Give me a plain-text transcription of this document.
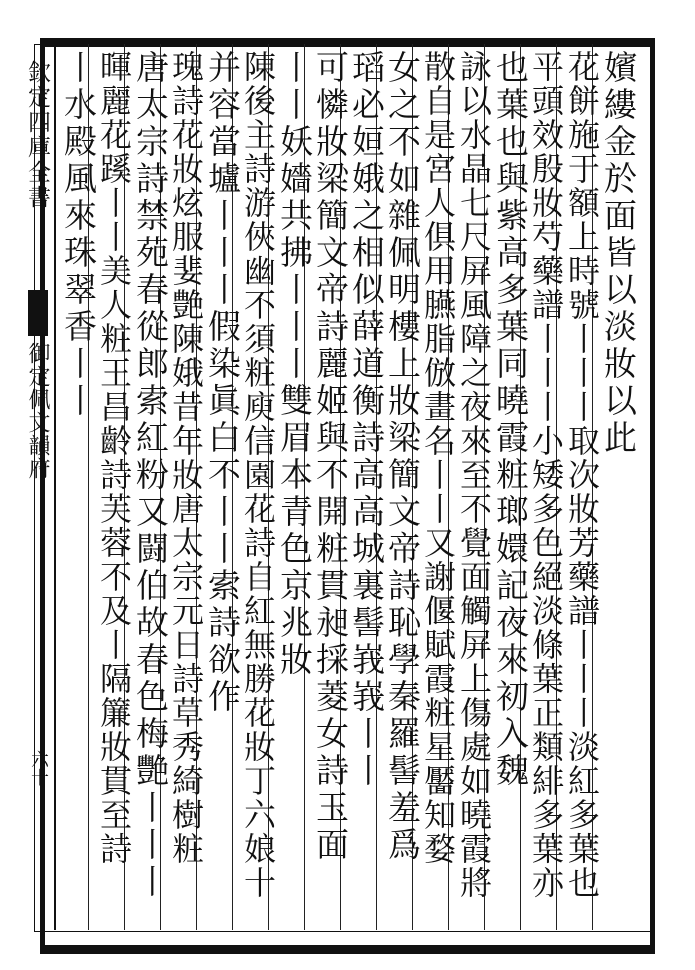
欽定四庫全書
御定佩文韻府
六十
嬪縷金於面皆以淡妝以此
花餅施于額上時號丨丨丨取次妝芳藥譜丨丨丨淡紅多葉也
平頭效殷妝芍藥譜丨丨丨小矮多色絕淡條葉正類緋多葉亦
也葉也與紫高多葉同曉霞粧瑯嬛記夜來初入魏
詠以水晶七尺屏風障之夜來至不覺面觸屏上傷處如曉霞將
散自是宮人俱用臙脂倣畫名丨丨又謝偃賦霞粧星靨知婺
女之不如雜佩明樓上妝梁簡文帝詩恥學秦羅髻羞爲
瑫必姮娥之相似薛道衡詩高高城裏髻峩峩丨丨
可憐妝梁簡文帝詩麗姬與不開粧貫昶採菱女詩玉面
丨丨妖嬙共拂丨丨丨雙眉本青色京兆妝
陳後主詩游俠幽不須粧庾信園花詩自紅無勝花妝丁六娘十
并容當壚丨丨丨假染眞白不丨丨索詩欲作
瑰詩花妝炫服婓艶陳娥昔年妝唐太宗元日詩草秀綺樹粧
唐太宗詩禁苑春從郎索紅粉又闘伯故春色梅艷丨丨丨
暉麗花蹊丨丨美人粧王昌齡詩芙蓉不及丨隔簾妝貫至詩
丨水殿風來珠翠香丨丨
